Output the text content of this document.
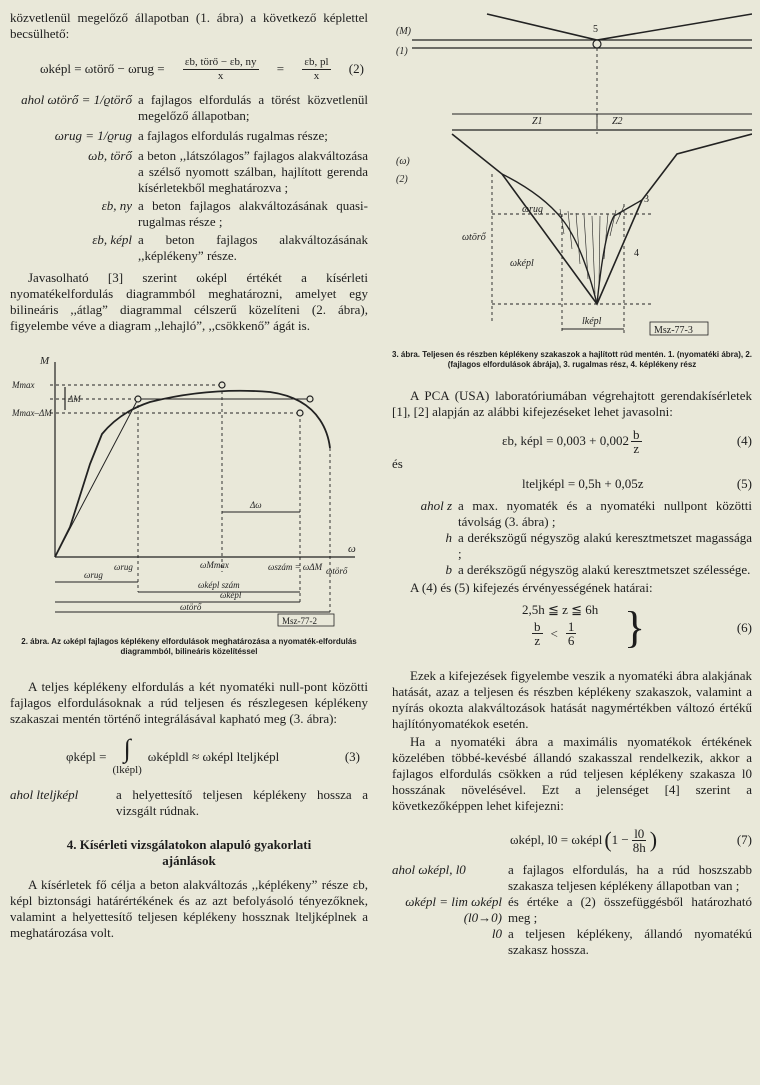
közvetlenül megelőző állapotban (1. ábra) a következő képlettel becsülhető:

ωképl = ωtörő − $\omega rug = \frac{\text{εb, törő − εb, ny}}{x} = \frac{\varepsilon b, pl}{x} (2)$
ahol ωtörő = 1/ϱtörő a fajlagos elfordulás a törést közvetlenül megelőző állapotban;
ωrug = 1/ϱrug a fajlagos elfordulás rugalmas része;
ωb, törő a beton ,,látszólagos” fajlagos alakváltozása a szélső nyomott szálban, hajlított gerenda kísérletekből meghatározva ;
εb, ny a beton fajlagos alakváltozásának quasi-rugalmas része ;
εb, képl a beton fajlagos alakváltozásának ,,képlékeny” része.

Javasolható [3] szerint ωképl értékét a kísérleti nyomatékelfordulás diagrammból meghatározni, amelyet egy bilineáris ,,átlag” diagrammal célszerű közelíteni (2. ábra), figyelembe véve a diagram ,,lehajló”, ,,csökkenő” ágát is.

M
Mmax
Mmax–ΔM
ΔM
ω
Δω
ωrug	ωMmax	ωszám = ωΔM ωtörő
ωképl szám
ωrug
ωképl
ωtörő
Msz-77-2

2. ábra. Az ωképl fajlagos képlékeny elfordulások meghatározása a nyomaték-elfordulás diagrammból, bilineáris közelítéssel

A teljes képlékeny elfordulás a két nyomatéki null-pont közötti fajlagos elfordulásoknak a rúd teljesen és részlegesen képlékeny szakaszai mentén történő integrálásával kapható meg (3. ábra):

φképl = ∫
(lképl)
ωképldl ≈ ωképl lteljképl	(3)
ahol lteljképl	a helyettesítő teljesen képlékeny hossza a vizsgált rúdnak.

4. Kísérleti vizsgálatokon alapuló gyakorlati ajánlások

A kísérletek fő célja a beton alakváltozás ,,képlékeny” része εb, képl biztonsági határértékének és az azt befolyásoló tényezőknek, valamint a helyettesítő teljesen képlékeny hossznak lteljképlnek a meghatározása volt.

(M)
(1)
(ω)
(2)
5
Z1	Z2
3
4
ωrug
ωtörő
ωképl
lképl
Msz-77-3

3. ábra. Teljesen és részben képlékeny szakaszok a hajlított rúd mentén. 1. (nyomatéki ábra), 2. (fajlagos elfordulások ábrája), 3. rugalmas rész, 4. képlékeny rész

A PCA (USA) laboratóriumában végrehajtott gerendakísérletek [1], [2] alapján az alábbi kifejezéseket lehet javasolni:

εb, képl = $0,003 + 0,002 \frac{b}{z}$	(4)

és

lteljképl = 0,5h + 0,05z	(5)
ahol z a max. nyomaték és a nyomatéki nullpont közötti távolság (3. ábra) ;
h a derékszögű négyszög alakú keresztmetszet magassága ;
b a derékszögű négyszög alakú keresztmetszet szélessége.

A (4) és (5) kifejezés érvényességének határai:

2,5h ≦ z ≦ 6h
$\frac{b}{z} < \frac{1}{6}$ }	(6)

Ezek a kifejezések figyelembe veszik a nyomatéki ábra alakjának hatását, azaz a teljesen és részben képlékeny szakaszok, valamint a nyírás okozta alakváltozások hatását nagymértékben változó értékű hajlítónyomatékok esetén.

Ha a nyomatéki ábra a maximális nyomatékok értékének közelében többé-kevésbé állandó szakasszal rendelkezik, akkor a fajlagos elfordulás csökken a rúd teljesen képlékeny szakasza l0 hosszának növelésével. Ezt a jelenséget [4] szerint a következőképpen lehet kifejezni:

ωképl, l0 = ωképl ( $1 - \frac{l0}{8h}$ )	(7)
ahol ωképl, l0	a fajlagos elfordulás, ha a rúd hoszszabb szakasza teljesen képlékeny állapotban van ;
ωképl = lim ωképl (l0→0)
és értéke a (2) összefüggésből határozható meg ;
l0 a teljesen képlékeny, állandó nyomatékú szakasz hossza.
